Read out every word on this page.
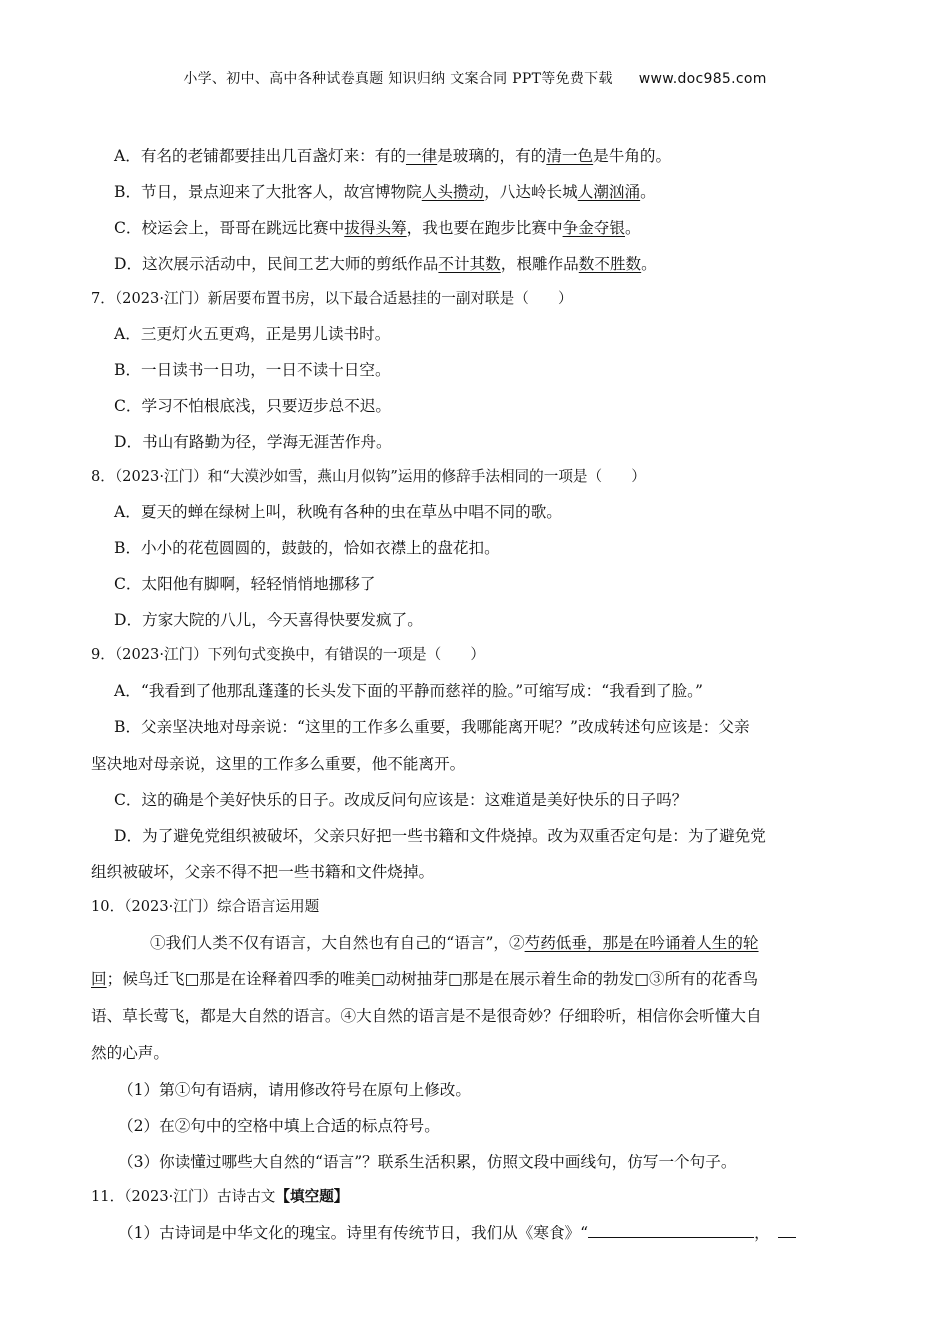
小学、初中、高中各种试卷真题 知识归纳 文案合同 PPT等免费下载 www.doc985.com
A．有名的老铺都要挂出几百盏灯来：有的一律是玻璃的，有的清一色是牛角的。
B．节日，景点迎来了大批客人，故宫博物院人头攒动，八达岭长城人潮汹涌。
C．校运会上，哥哥在跳远比赛中拔得头筹，我也要在跑步比赛中争金夺银。
D．这次展示活动中，民间工艺大师的剪纸作品不计其数，根雕作品数不胜数。
7．（2023·江门）新居要布置书房，以下最合适悬挂的一副对联是（　　）
A．三更灯火五更鸡，正是男儿读书时。
B．一日读书一日功，一日不读十日空。
C．学习不怕根底浅，只要迈步总不迟。
D．书山有路勤为径，学海无涯苦作舟。
8．（2023·江门）和“大漠沙如雪，燕山月似钩”运用的修辞手法相同的一项是（　　）
A．夏天的蝉在绿树上叫，秋晚有各种的虫在草丛中唱不同的歌。
B．小小的花苞圆圆的，鼓鼓的，恰如衣襟上的盘花扣。
C．太阳他有脚啊，轻轻悄悄地挪移了
D．方家大院的八儿，今天喜得快要发疯了。
9．（2023·江门）下列句式变换中，有错误的一项是（　　）
A．“我看到了他那乱蓬蓬的长头发下面的平静而慈祥的脸。”可缩写成：“我看到了脸。”
B．父亲坚决地对母亲说：“这里的工作多么重要，我哪能离开呢？”改成转述句应该是：父亲
坚决地对母亲说，这里的工作多么重要，他不能离开。
C．这的确是个美好快乐的日子。改成反问句应该是：这难道是美好快乐的日子吗？
D．为了避免党组织被破坏，父亲只好把一些书籍和文件烧掉。改为双重否定句是：为了避免党
组织被破坏，父亲不得不把一些书籍和文件烧掉。
10．（2023·江门）综合语言运用题
①我们人类不仅有语言，大自然也有自己的“语言”，②芍药低垂，那是在吟诵着人生的轮
回；候鸟迁飞□那是在诠释着四季的唯美□动树抽芽□那是在展示着生命的勃发□③所有的花香鸟
语、草长莺飞，都是大自然的语言。④大自然的语言是不是很奇妙？仔细聆听，相信你会听懂大自
然的心声。
（1）第①句有语病，请用修改符号在原句上修改。
（2）在②句中的空格中填上合适的标点符号。
（3）你读懂过哪些大自然的“语言”？联系生活积累，仿照文段中画线句，仿写一个句子。
11．（2023·江门）古诗古文【填空题】
（1）古诗词是中华文化的瑰宝。诗里有传统节日，我们从《寒食》“	，
